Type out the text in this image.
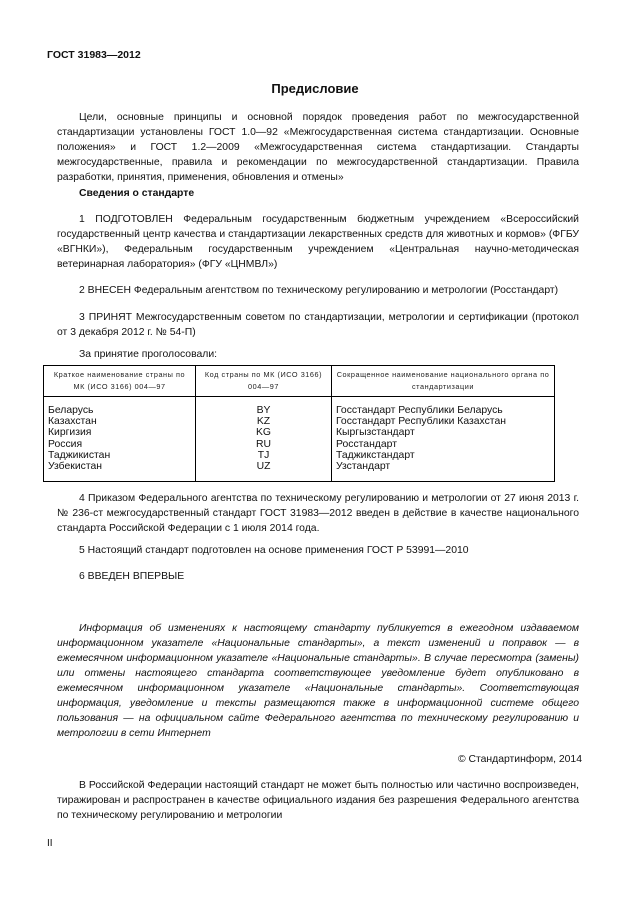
ГОСТ 31983—2012
Предисловие

Цели, основные принципы и основной порядок проведения работ по межгосударственной стандартизации установлены ГОСТ 1.0—92 «Межгосударственная система стандартизации. Основные положения» и ГОСТ 1.2—2009 «Межгосударственная система стандартизации. Стандарты межгосударственные, правила и рекомендации по межгосударственной стандартизации. Правила разработки, принятия, применения, обновления и отмены»

Сведения о стандарте

1 ПОДГОТОВЛЕН Федеральным государственным бюджетным учреждением «Всероссийский государственный центр качества и стандартизации лекарственных средств для животных и кормов» (ФГБУ «ВГНКИ»), Федеральным государственным учреждением «Центральная научно-методическая ветеринарная лаборатория» (ФГУ «ЦНМВЛ»)

2 ВНЕСЕН Федеральным агентством по техническому регулированию и метрологии (Росстандарт)

3 ПРИНЯТ Межгосударственным советом по стандартизации, метрологии и сертификации (протокол от 3 декабря 2012 г. № 54-П)

За принятие проголосовали:
Краткое наименование страны по МК (ИСО 3166) 004—97	Код страны по МК (ИСО 3166) 004—97	Сокращенное наименование национального органа по стандартизации
Беларусь	BY	Госстандарт Республики Беларусь
Казахстан	KZ	Госстандарт Республики Казахстан
Киргизия	KG	Кыргызстандарт
Россия	RU	Росстандарт
Таджикистан	TJ	Таджикстандарт
Узбекистан	UZ	Узстандарт

4 Приказом Федерального агентства по техническому регулированию и метрологии от 27 июня 2013 г. № 236-ст межгосударственный стандарт ГОСТ 31983—2012 введен в действие в качестве национального стандарта Российской Федерации с 1 июля 2014 года.

5 Настоящий стандарт подготовлен на основе применения ГОСТ Р 53991—2010

6 ВВЕДЕН ВПЕРВЫЕ

Информация об изменениях к настоящему стандарту публикуется в ежегодном издаваемом информационном указателе «Национальные стандарты», а текст изменений и поправок — в ежемесячном информационном указателе «Национальные стандарты». В случае пересмотра (замены) или отмены настоящего стандарта соответствующее уведомление будет опубликовано в ежемесячном информационном указателе «Национальные стандарты». Соответствующая информация, уведомление и тексты размещаются также в информационной системе общего пользования — на официальном сайте Федерального агентства по техническому регулированию и метрологии в сети Интернет

© Стандартинформ, 2014

В Российской Федерации настоящий стандарт не может быть полностью или частично воспроизведен, тиражирован и распространен в качестве официального издания без разрешения Федерального агентства по техническому регулированию и метрологии

II
